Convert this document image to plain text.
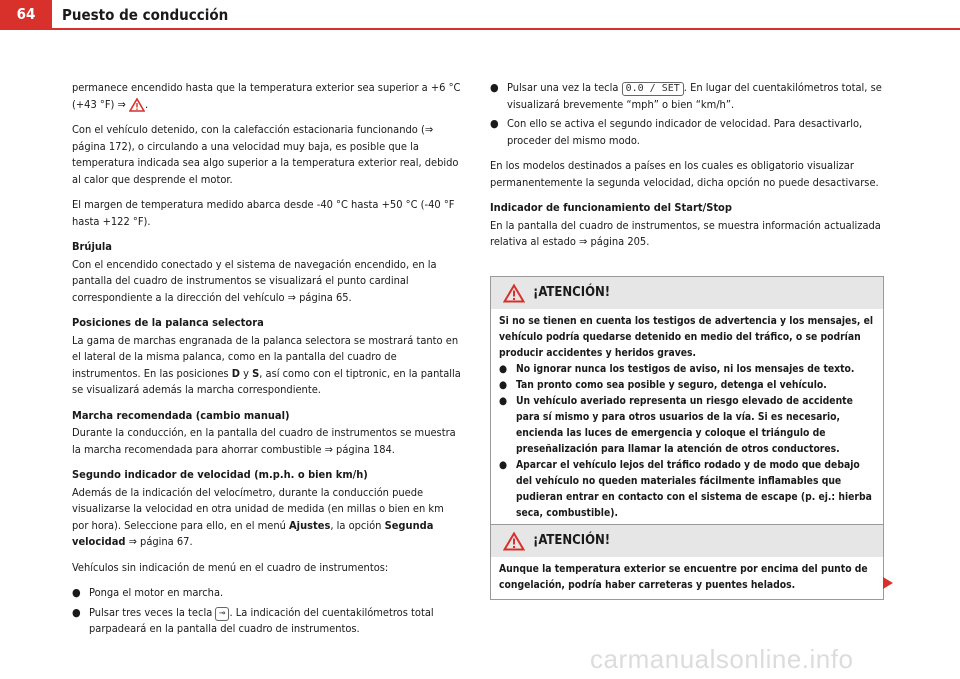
64	Puesto de conducción

permanece encendido hasta que la temperatura exterior sea superior a +6 °C (+43 °F) ⇒ .

Con el vehículo detenido, con la calefacción estacionaria funcionando (⇒ página 172), o circulando a una velocidad muy baja, es posible que la temperatura indicada sea algo superior a la temperatura exterior real, debido al calor que desprende el motor.

El margen de temperatura medido abarca desde -40 °C hasta +50 °C (-40 °F hasta +122 °F).

Brújula

Con el encendido conectado y el sistema de navegación encendido, en la pantalla del cuadro de instrumentos se visualizará el punto cardinal correspondiente a la dirección del vehículo ⇒ página 65.

Posiciones de la palanca selectora

La gama de marchas engranada de la palanca selectora se mostrará tanto en el lateral de la misma palanca, como en la pantalla del cuadro de instrumentos. En las posiciones D y S, así como con el tiptronic, en la pantalla se visualizará además la marcha correspondiente.

Marcha recomendada (cambio manual)

Durante la conducción, en la pantalla del cuadro de instrumentos se muestra la marcha recomendada para ahorrar combustible ⇒ página 184.

Segundo indicador de velocidad (m.p.h. o bien km/h)

Además de la indicación del velocímetro, durante la conducción puede visualizarse la velocidad en otra unidad de medida (en millas o bien en km por hora). Seleccione para ello, en el menú Ajustes, la opción Segunda velocidad ⇒ página 67.

Vehículos sin indicación de menú en el cuadro de instrumentos:

● Ponga el motor en marcha.
● Pulsar tres veces la tecla ⊸ . La indicación del cuentakilómetros total parpadeará en la pantalla del cuadro de instrumentos.
● Pulsar una vez la tecla 0.0 / SET . En lugar del cuentakilómetros total, se visualizará brevemente “mph” o bien “km/h”.
● Con ello se activa el segundo indicador de velocidad. Para desactivarlo, proceder del mismo modo.

En los modelos destinados a países en los cuales es obligatorio visualizar permanentemente la segunda velocidad, dicha opción no puede desactivarse.

Indicador de funcionamiento del Start/Stop

En la pantalla del cuadro de instrumentos, se muestra información actualizada relativa al estado ⇒ página 205.

¡ATENCIÓN!

Si no se tienen en cuenta los testigos de advertencia y los mensajes, el vehículo podría quedarse detenido en medio del tráfico, o se podrían producir accidentes y heridos graves.

● No ignorar nunca los testigos de aviso, ni los mensajes de texto.
● Tan pronto como sea posible y seguro, detenga el vehículo.
● Un vehículo averiado representa un riesgo elevado de accidente para sí mismo y para otros usuarios de la vía. Si es necesario, encienda las luces de emergencia y coloque el triángulo de preseñalización para llamar la atención de otros conductores.
● Aparcar el vehículo lejos del tráfico rodado y de modo que debajo del vehículo no queden materiales fácilmente inflamables que pudieran entrar en contacto con el sistema de escape (p. ej.: hierba seca, combustible).
¡ATENCIÓN!

Aunque la temperatura exterior se encuentre por encima del punto de congelación, podría haber carreteras y puentes helados.

carmanualsonline.info
